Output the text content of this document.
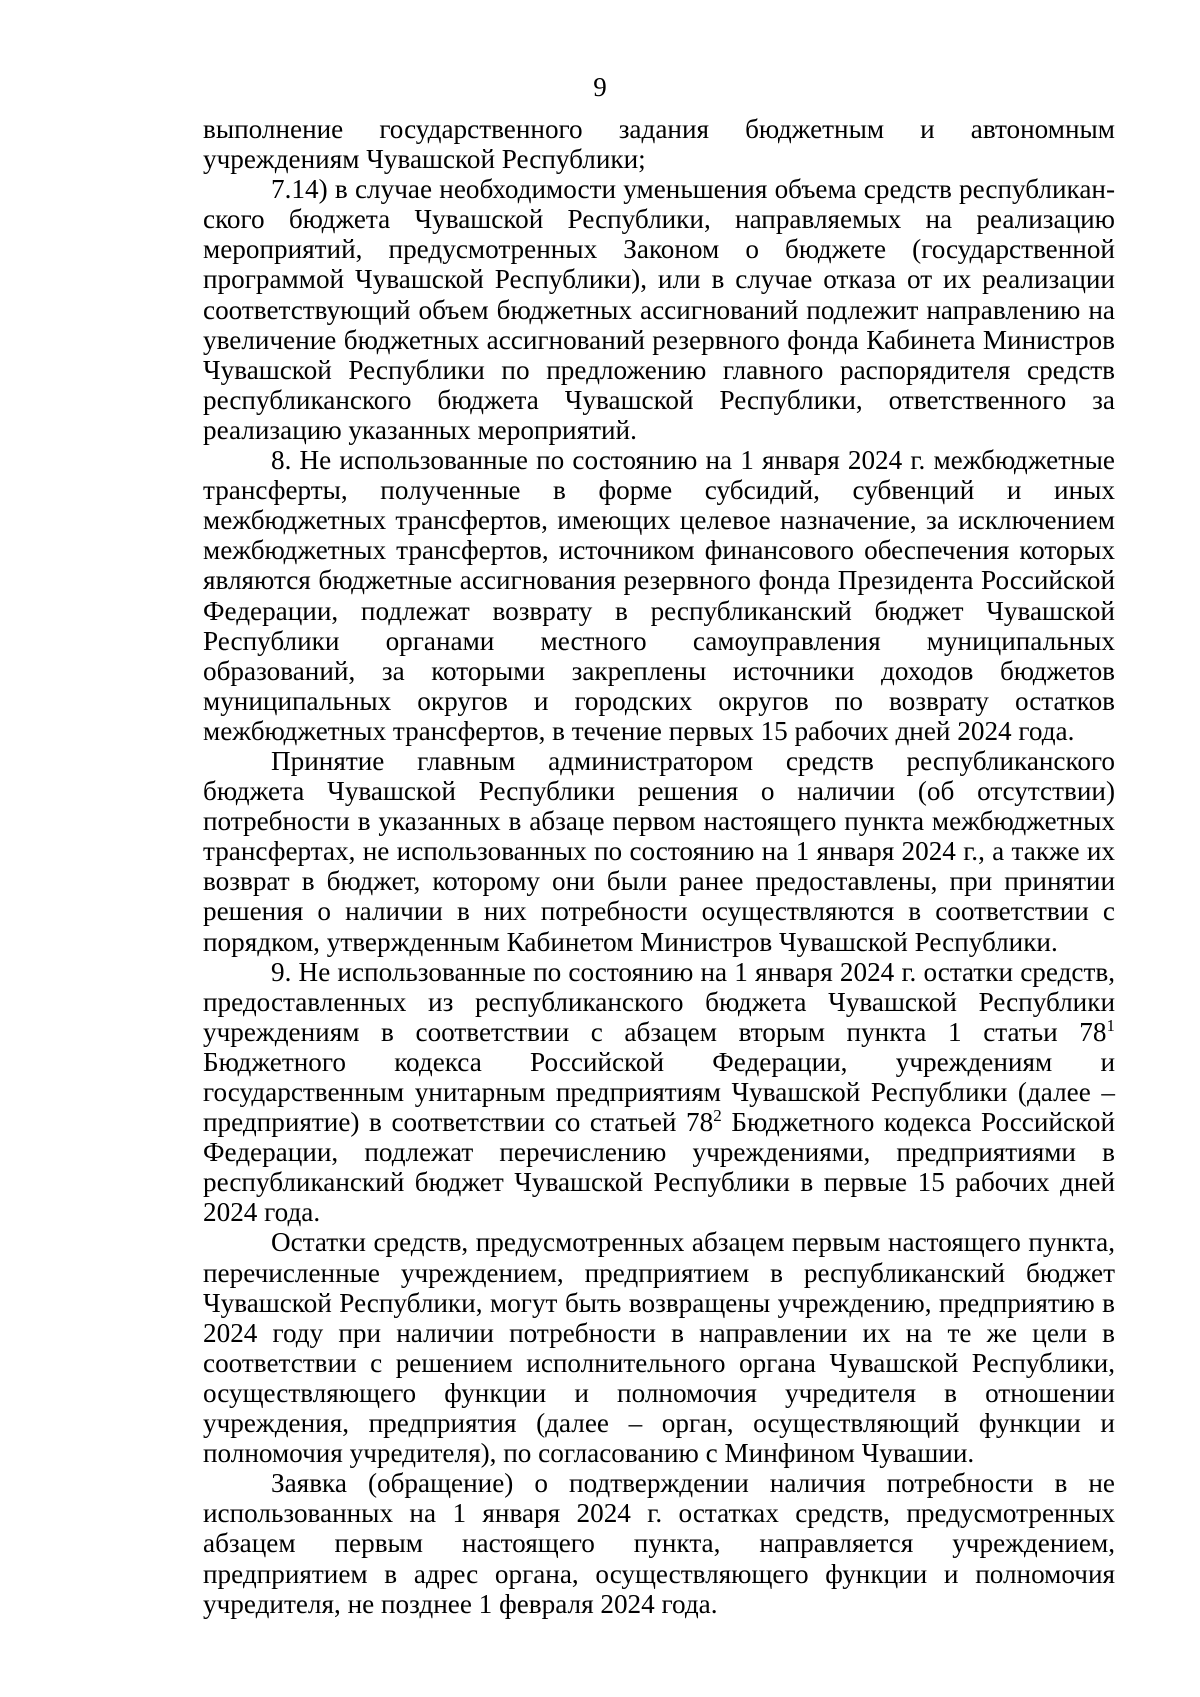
9

выполнение государственного задания бюджетным и автономным учреждениям Чувашской Республики;

7.14) в случае необходимости уменьшения объема средств республиканского бюджета Чувашской Республики, направляемых на реализацию мероприятий, предусмотренных Законом о бюджете (государственной программой Чувашской Республики), или в случае отказа от их реализации соответствующий объем бюджетных ассигнований подлежит направлению на увеличение бюджетных ассигнований резервного фонда Кабинета Министров Чувашской Республики по предложению главного распорядителя средств республиканского бюджета Чувашской Республики, ответственного за реализацию указанных мероприятий.

8. Не использованные по состоянию на 1 января 2024 г. межбюджетные трансферты, полученные в форме субсидий, субвенций и иных межбюджетных трансфертов, имеющих целевое назначение, за исключением межбюджетных трансфертов, источником финансового обеспечения которых являются бюджетные ассигнования резервного фонда Президента Российской Федерации, подлежат возврату в республиканский бюджет Чувашской Республики органами местного самоуправления муниципальных образований, за которыми закреплены источники доходов бюджетов муниципальных округов и городских округов по возврату остатков межбюджетных трансфертов, в течение первых 15 рабочих дней 2024 года.

Принятие главным администратором средств республиканского бюджета Чувашской Республики решения о наличии (об отсутствии) потребности в указанных в абзаце первом настоящего пункта межбюджетных трансфертах, не использованных по состоянию на 1 января 2024 г., а также их возврат в бюджет, которому они были ранее предоставлены, при принятии решения о наличии в них потребности осуществляются в соответствии с порядком, утвержденным Кабинетом Министров Чувашской Республики.

9. Не использованные по состоянию на 1 января 2024 г. остатки средств, предоставленных из республиканского бюджета Чувашской Республики учреждениям в соответствии с абзацем вторым пункта 1 статьи $78^1$ Бюджетного кодекса Российской Федерации, учреждениям и государственным унитарным предприятиям Чувашской Республики (далее – предприятие) в соответствии со статьей $78^2$ Бюджетного кодекса Российской Федерации, подлежат перечислению учреждениями, предприятиями в республиканский бюджет Чувашской Республики в первые 15 рабочих дней 2024 года.

Остатки средств, предусмотренных абзацем первым настоящего пункта, перечисленные учреждением, предприятием в республиканский бюджет Чувашской Республики, могут быть возвращены учреждению, предприятию в 2024 году при наличии потребности в направлении их на те же цели в соответствии с решением исполнительного органа Чувашской Республики, осуществляющего функции и полномочия учредителя в отношении учреждения, предприятия (далее – орган, осуществляющий функции и полномочия учредителя), по согласованию с Минфином Чувашии.

Заявка (обращение) о подтверждении наличия потребности в не использованных на 1 января 2024 г. остатках средств, предусмотренных абзацем первым настоящего пункта, направляется учреждением, предприятием в адрес органа, осуществляющего функции и полномочия учредителя, не позднее 1 февраля 2024 года.
